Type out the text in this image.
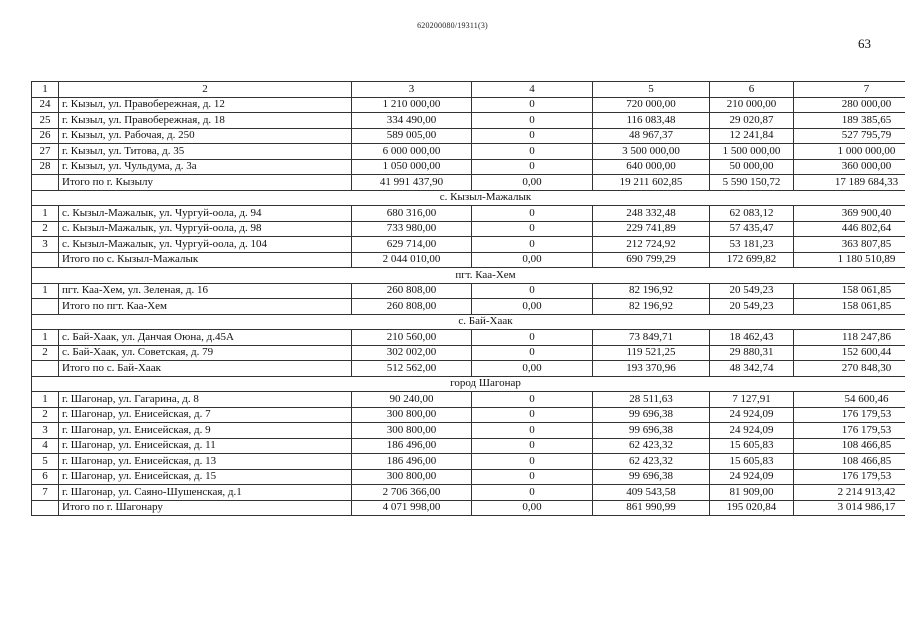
620200080/19311(3)
63
1	2	3	4	5	6	7
24	г. Кызыл, ул. Правобережная, д. 12	1 210 000,00	0	720 000,00	210 000,00	280 000,00
25	г. Кызыл, ул. Правобережная, д. 18	334 490,00	0	116 083,48	29 020,87	189 385,65
26	г. Кызыл, ул. Рабочая, д. 250	589 005,00	0	48 967,37	12 241,84	527 795,79
27	г. Кызыл, ул. Титова, д. 35	6 000 000,00	0	3 500 000,00	1 500 000,00	1 000 000,00
28	г. Кызыл, ул. Чульдума, д. 3а	1 050 000,00	0	640 000,00	50 000,00	360 000,00
	Итого по г. Кызылу	41 991 437,90	0,00	19 211 602,85	5 590 150,72	17 189 684,33
с. Кызыл-Мажалык						
1	с. Кызыл-Мажалык, ул. Чургуй-оола, д. 94	680 316,00	0	248 332,48	62 083,12	369 900,40
2	с. Кызыл-Мажалык, ул. Чургуй-оола, д. 98	733 980,00	0	229 741,89	57 435,47	446 802,64
3	с. Кызыл-Мажалык, ул. Чургуй-оола, д. 104	629 714,00	0	212 724,92	53 181,23	363 807,85
	Итого по с. Кызыл-Мажалык	2 044 010,00	0,00	690 799,29	172 699,82	1 180 510,89
пгт. Каа-Хем						
1	пгт. Каа-Хем, ул. Зеленая, д. 16	260 808,00	0	82 196,92	20 549,23	158 061,85
	Итого по пгт. Каа-Хем	260 808,00	0,00	82 196,92	20 549,23	158 061,85
с. Бай-Хаак						
1	с. Бай-Хаак, ул. Данчая Оюна, д.45А	210 560,00	0	73 849,71	18 462,43	118 247,86
2	с. Бай-Хаак, ул. Советская, д. 79	302 002,00	0	119 521,25	29 880,31	152 600,44
	Итого по с. Бай-Хаак	512 562,00	0,00	193 370,96	48 342,74	270 848,30
город Шагонар						
1	г. Шагонар, ул. Гагарина, д. 8	90 240,00	0	28 511,63	7 127,91	54 600,46
2	г. Шагонар, ул. Енисейская, д. 7	300 800,00	0	99 696,38	24 924,09	176 179,53
3	г. Шагонар, ул. Енисейская, д. 9	300 800,00	0	99 696,38	24 924,09	176 179,53
4	г. Шагонар, ул. Енисейская, д. 11	186 496,00	0	62 423,32	15 605,83	108 466,85
5	г. Шагонар, ул. Енисейская, д. 13	186 496,00	0	62 423,32	15 605,83	108 466,85
6	г. Шагонар, ул. Енисейская, д. 15	300 800,00	0	99 696,38	24 924,09	176 179,53
7	г. Шагонар, ул. Саяно-Шушенская, д.1	2 706 366,00	0	409 543,58	81 909,00	2 214 913,42
	Итого по г. Шагонару	4 071 998,00	0,00	861 990,99	195 020,84	3 014 986,17
